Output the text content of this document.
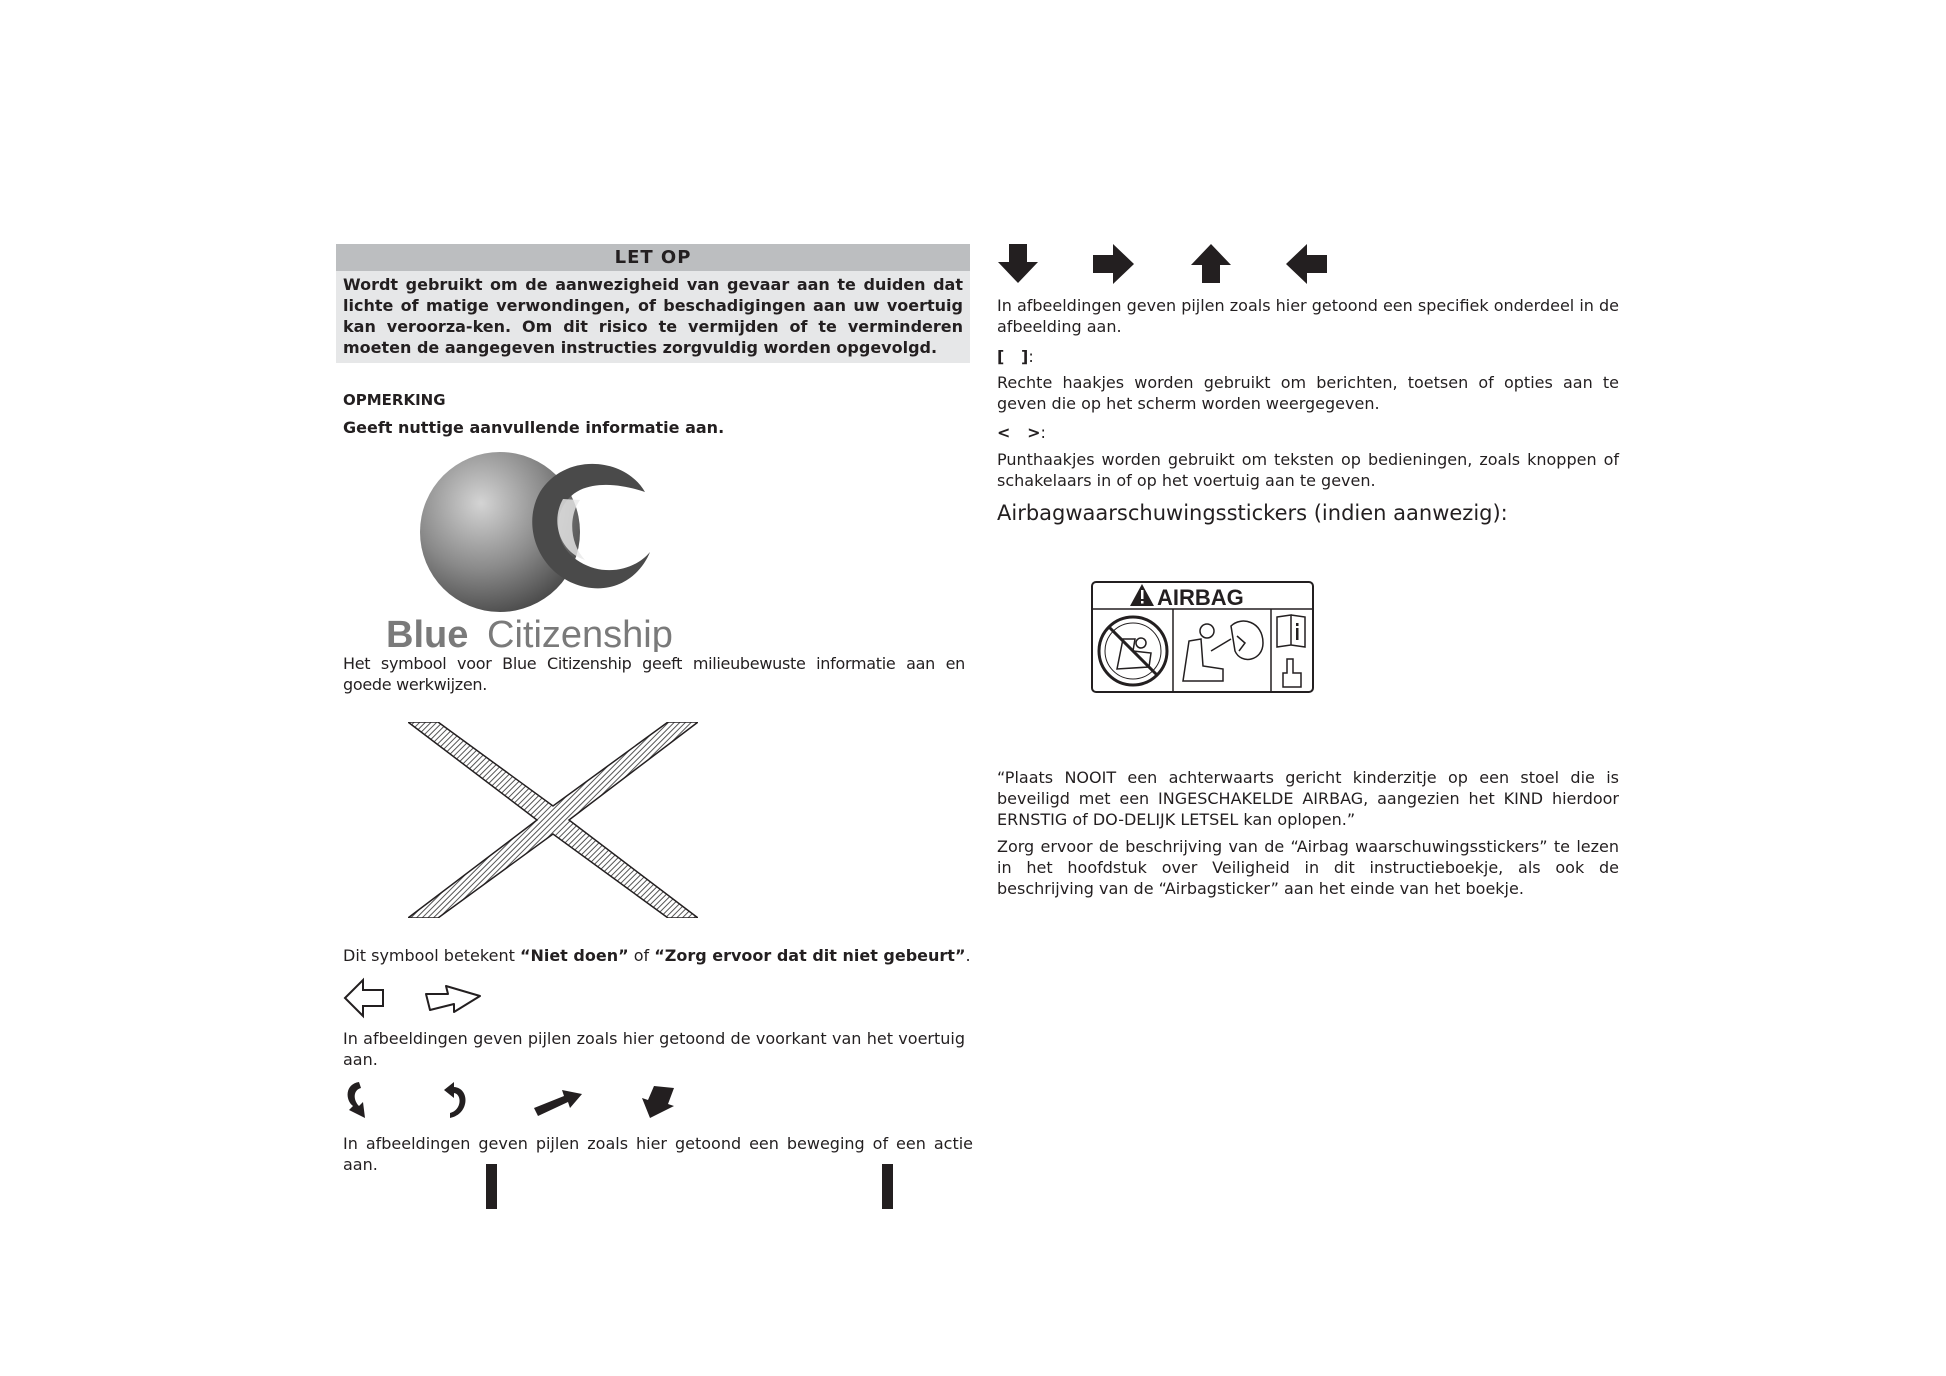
LET OP
Wordt gebruikt om de aanwezigheid van gevaar aan te duiden dat lichte of matige verwondingen, of beschadigingen aan uw voertuig kan veroorza-ken. Om dit risico te vermijden of te verminderen moeten de aangegeven instructies zorgvuldig worden opgevolgd.
OPMERKING
Geeft nuttige aanvullende informatie aan.
Blue Citizenship
Het symbool voor Blue Citizenship geeft milieubewuste informatie aan en goede werkwijzen.
Dit symbool betekent “Niet doen” of “Zorg ervoor dat dit niet gebeurt”.
In afbeeldingen geven pijlen zoals hier getoond de voorkant van het voertuig aan.
In afbeeldingen geven pijlen zoals hier getoond een beweging of een actie aan.
In afbeeldingen geven pijlen zoals hier getoond een specifiek onderdeel in de afbeelding aan.
[   ]:
Rechte haakjes worden gebruikt om berichten, toetsen of opties aan te geven die op het scherm worden weergegeven.
<   >:
Punthaakjes worden gebruikt om teksten op bedieningen, zoals knoppen of schakelaars in of op het voertuig aan te geven.
Airbagwaarschuwingsstickers (indien aanwezig):
AIRBAG
“Plaats NOOIT een achterwaarts gericht kinderzitje op een stoel die is beveiligd met een INGESCHAKELDE AIRBAG, aangezien het KIND hierdoor ERNSTIG of DO-DELIJK LETSEL kan oplopen.”
Zorg ervoor de beschrijving van de “Airbag waarschuwingsstickers” te lezen in het hoofdstuk over Veiligheid in dit instructieboekje, als ook de beschrijving van de “Airbagsticker” aan het einde van het boekje.
